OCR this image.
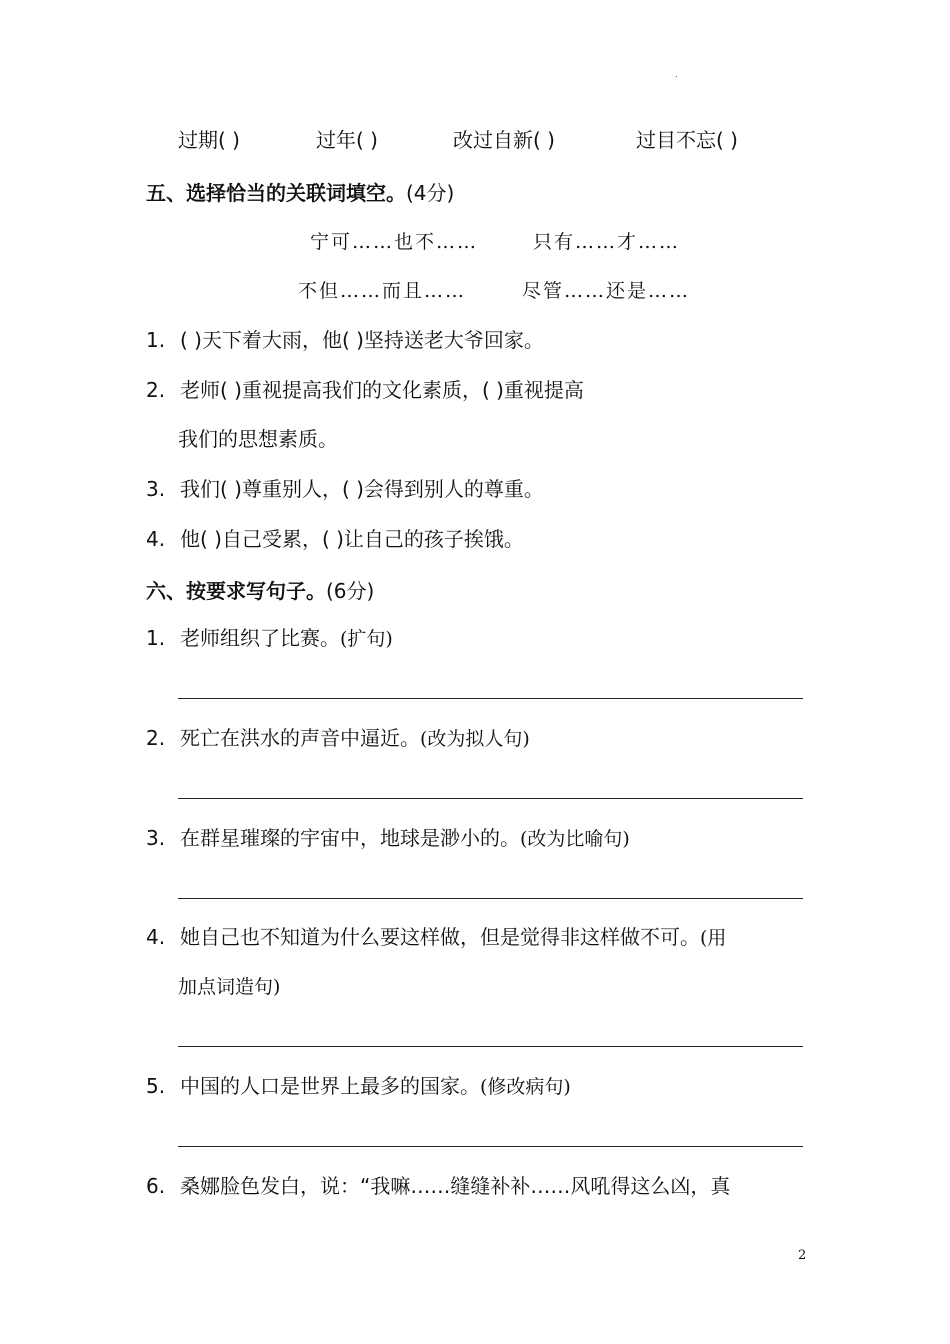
.
过期( )	过年( )	改过自新( )	过目不忘( )
五、选择恰当的关联词填空。(4分)
宁可……也不……	只有……才……
不但……而且……	尽管……还是……
1. ( )天下着大雨，他( )坚持送老大爷回家。
2. 老师( )重视提高我们的文化素质，( )重视提高
我们的思想素质。
3. 我们( )尊重别人，( )会得到别人的尊重。
4. 他( )自己受累，( )让自己的孩子挨饿。
六、按要求写句子。(6分)
1. 老师组织了比赛。(扩句)
2. 死亡在洪水的声音中逼近。(改为拟人句)
3. 在群星璀璨的宇宙中，地球是渺小的。(改为比喻句)
4. 她自己也不知道为什么要这样做，但是觉得非这样做不可。(用
加点词造句)
5. 中国的人口是世界上最多的国家。(修改病句)
6. 桑娜脸色发白，说：“我嘛……缝缝补补……风吼得这么凶，真
2
